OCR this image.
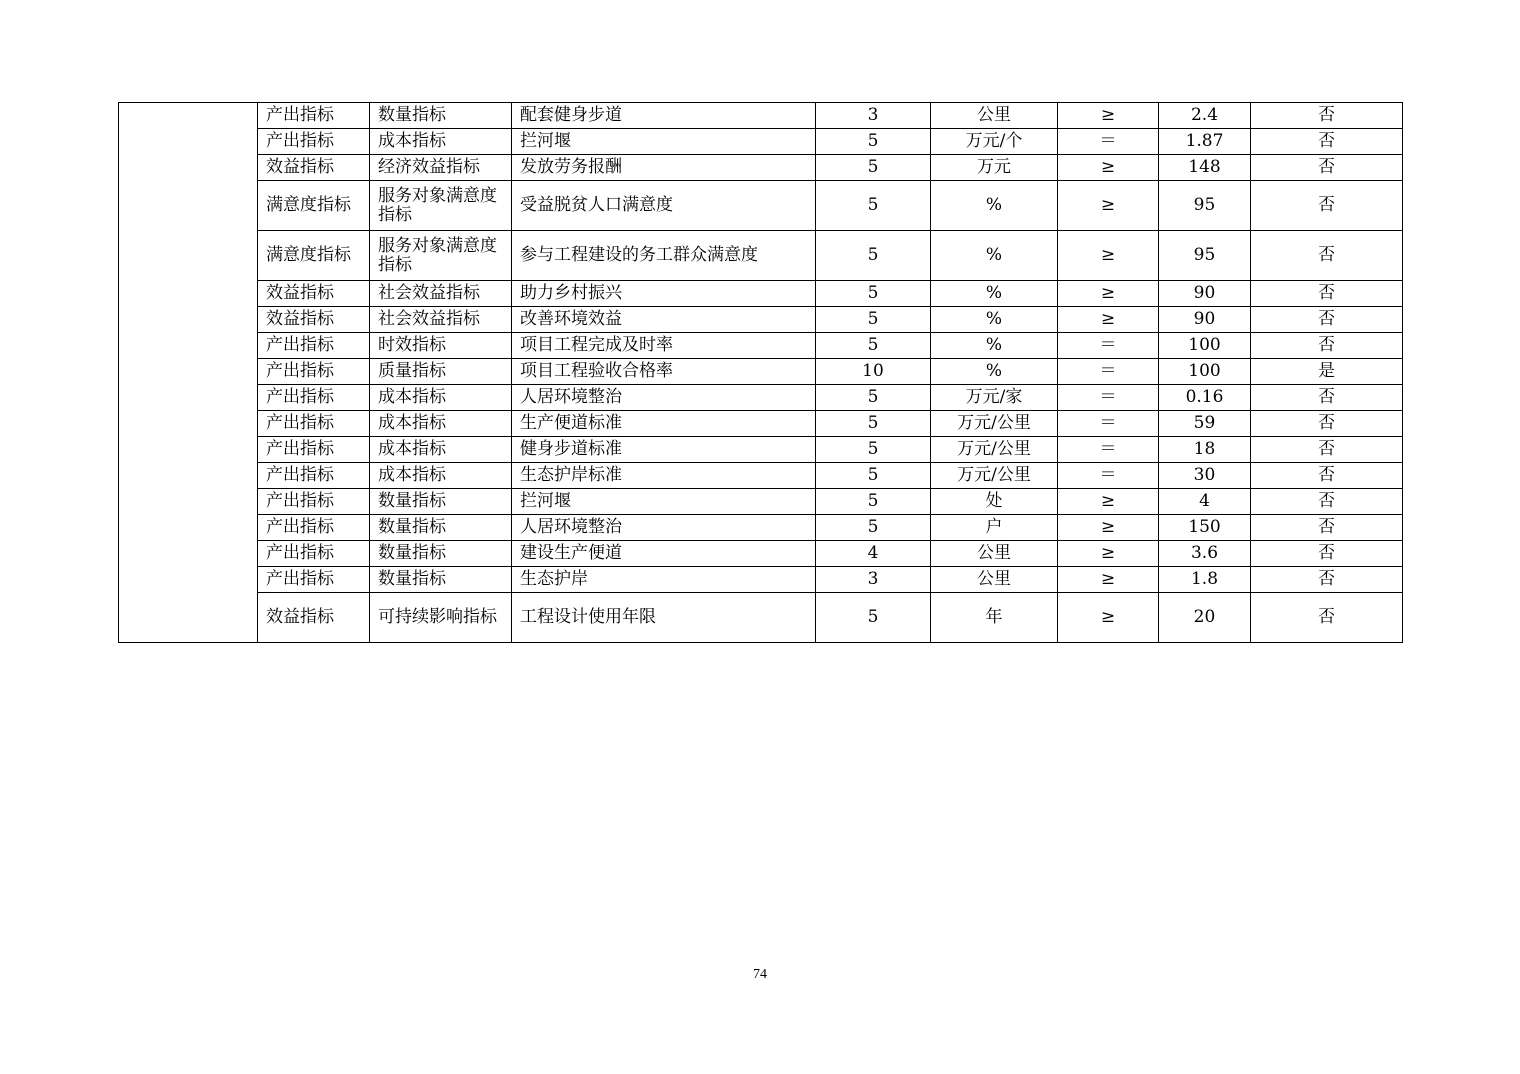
	产出指标	数量指标	配套健身步道	3	公里	≥	2.4	否
	产出指标	成本指标	拦河堰	5	万元/个	＝	1.87	否
	效益指标	经济效益指标	发放劳务报酬	5	万元	≥	148	否
	满意度指标	服务对象满意度指标	受益脱贫人口满意度	5	%	≥	95	否
	满意度指标	服务对象满意度指标	参与工程建设的务工群众满意度	5	%	≥	95	否
	效益指标	社会效益指标	助力乡村振兴	5	%	≥	90	否
	效益指标	社会效益指标	改善环境效益	5	%	≥	90	否
	产出指标	时效指标	项目工程完成及时率	5	%	＝	100	否
	产出指标	质量指标	项目工程验收合格率	10	%	＝	100	是
	产出指标	成本指标	人居环境整治	5	万元/家	＝	0.16	否
	产出指标	成本指标	生产便道标准	5	万元/公里	＝	59	否
	产出指标	成本指标	健身步道标准	5	万元/公里	＝	18	否
	产出指标	成本指标	生态护岸标准	5	万元/公里	＝	30	否
	产出指标	数量指标	拦河堰	5	处	≥	4	否
	产出指标	数量指标	人居环境整治	5	户	≥	150	否
	产出指标	数量指标	建设生产便道	4	公里	≥	3.6	否
	产出指标	数量指标	生态护岸	3	公里	≥	1.8	否
	效益指标	可持续影响指标	工程设计使用年限	5	年	≥	20	否
74
